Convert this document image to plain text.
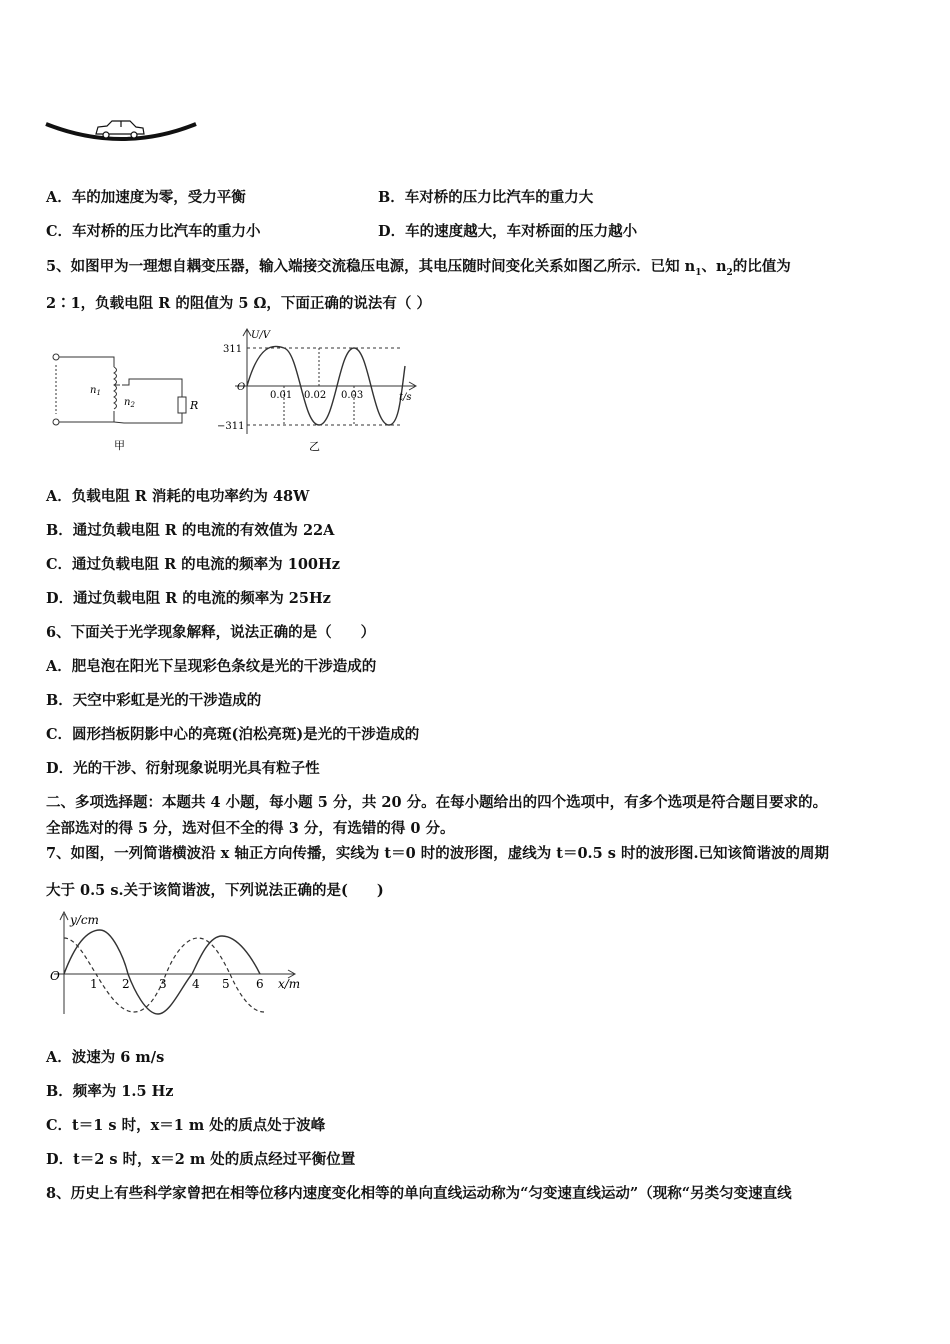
A．车的加速度为零，受力平衡	B．车对桥的压力比汽车的重力大
C．车对桥的压力比汽车的重力小	D．车的速度越大，车对桥面的压力越小
5、如图甲为一理想自耦变压器，输入端接交流稳压电源，其电压随时间变化关系如图乙所示．已知 $n_1$、$n_2$的比值为
2∶1，负载电阻 R 的阻值为 5 Ω，下面正确的说法有（ ）
$n_1$
$n_2$	R
甲
U/V
311
−311
O
0.01 0.02 0.03	t/s
乙
A．负载电阻 R 消耗的电功率约为 48W
B．通过负载电阻 R 的电流的有效值为 22A
C．通过负载电阻 R 的电流的频率为 100Hz
D．通过负载电阻 R 的电流的频率为 25Hz
6、下面关于光学现象解释，说法正确的是（　　）
A．肥皂泡在阳光下呈现彩色条纹是光的干涉造成的
B．天空中彩虹是光的干涉造成的
C．圆形挡板阴影中心的亮斑(泊松亮斑)是光的干涉造成的
D．光的干涉、衍射现象说明光具有粒子性
二、多项选择题：本题共 4 小题，每小题 5 分，共 20 分。在每小题给出的四个选项中，有多个选项是符合题目要求的。
全部选对的得 5 分，选对但不全的得 3 分，有选错的得 0 分。
7、如图，一列简谐横波沿 x 轴正方向传播，实线为 t＝0 时的波形图，虚线为 t＝0.5 s 时的波形图.已知该简谐波的周期
大于 0.5 s.关于该简谐波，下列说法正确的是(　　)
y/cm
O
1 2 3 4 5 6 x/m
A．波速为 6 m/s
B．频率为 1.5 Hz
C．t＝1 s 时，x＝1 m 处的质点处于波峰
D．t＝2 s 时，x＝2 m 处的质点经过平衡位置
8、历史上有些科学家曾把在相等位移内速度变化相等的单向直线运动称为“匀变速直线运动”（现称“另类匀变速直线
